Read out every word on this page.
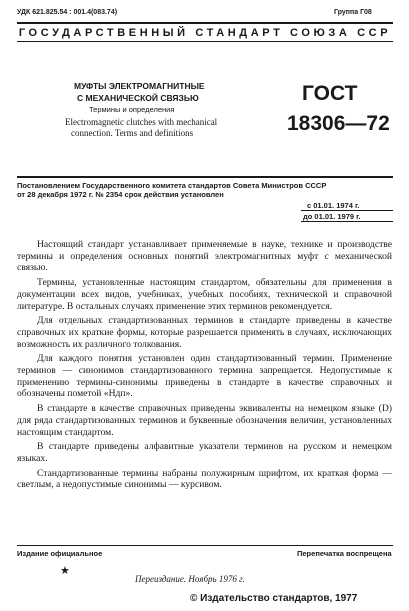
УДК 621.825.54 : 001.4(083.74)	Группа Г08
ГОСУДАРСТВЕННЫЙ СТАНДАРТ СОЮЗА ССР
МУФТЫ ЭЛЕКТРОМАГНИТНЫЕ
С МЕХАНИЧЕСКОЙ СВЯЗЬЮ
Термины и определения
Electromagnetic clutches with mechanical
connection. Terms and definitions
ГОСТ
18306—72
Постановлением Государственного комитета стандартов Совета Министров СССР
от 28 декабря 1972 г. № 2354 срок действия установлен
с 01.01. 1974 г.
до 01.01. 1979 г.

Настоящий стандарт устанавливает применяемые в науке, технике и производстве термины и определения основных понятий электромагнитных муфт с механической связью.

Термины, установленные настоящим стандартом, обязательны для применения в документации всех видов, учебниках, учебных пособиях, технической и справочной литературе. В остальных случаях применение этих терминов рекомендуется.

Для отдельных стандартизованных терминов в стандарте приведены в качестве справочных их краткие формы, которые разрешается применять в случаях, исключающих возможность их различного толкования.

Для каждого понятия установлен один стандартизованный термин. Применение терминов — синонимов стандартизованного термина запрещается. Недопустимые к применению термины-синонимы приведены в стандарте в качестве справочных и обозначены пометой «Ндп».

В стандарте в качестве справочных приведены эквиваленты на немецком языке (D) для ряда стандартизованных терминов и буквенные обозначения величин, установленных настоящим стандартом.

В стандарте приведены алфавитные указатели терминов на русском и немецком языках.

Стандартизованные термины набраны полужирным шрифтом, их краткая форма — светлым, а недопустимые синонимы — курсивом.

Издание официальное	Перепечатка воспрещена
★
Переиздание. Ноябрь 1976 г.
© Издательство стандартов, 1977
